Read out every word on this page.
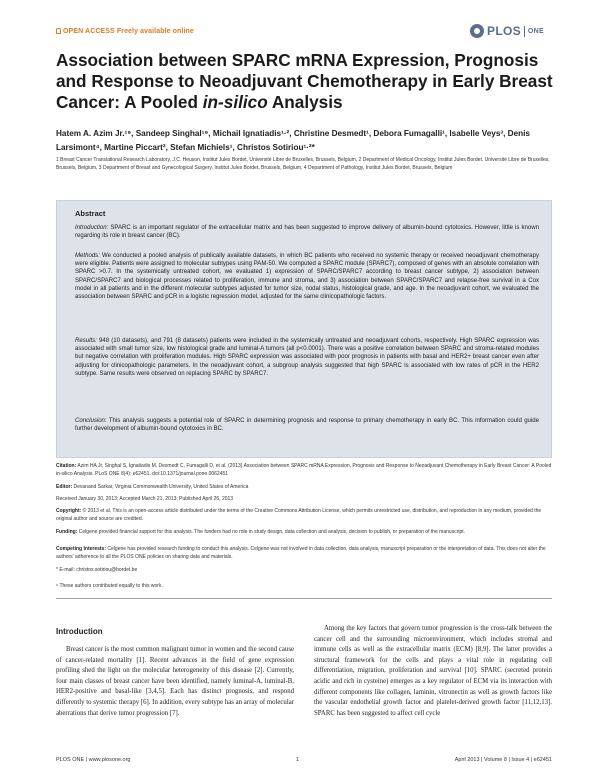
OPEN ACCESS Freely available online	PLOS ONE
Association between SPARC mRNA Expression, Prognosis and Response to Neoadjuvant Chemotherapy in Early Breast Cancer: A Pooled in-silico Analysis
Hatem A. Azim Jr.¹⁹, Sandeep Singhal¹⁹, Michail Ignatiadis¹·², Christine Desmedt¹, Debora Fumagalli¹, Isabelle Veys³, Denis Larsimont⁴, Martine Piccart², Stefan Michiels¹, Christos Sotiriou¹·²*
1 Breast Cancer Translational Research Laboratory, J.C. Heuson, Institut Jules Bordet, Université Libre de Bruxelles, Brussels, Belgium, 2 Department of Medical Oncology, Institut Jules Bordet, Université Libre de Bruxelles, Brussels, Belgium, 3 Department of Breast and Gynecological Surgery, Institut Jules Bordet, Brussels, Belgium, 4 Department of Pathology, Institut Jules Bordet, Brussels, Belgium
Abstract

Introduction: SPARC is an important regulator of the extracellular matrix and has been suggested to improve delivery of albumin-bound cytotoxics. However, little is known regarding its role in breast cancer (BC).

Methods: We conducted a pooled analysis of publically available datasets, in which BC patients who received no systemic therapy or received neoadjuvant chemotherapy were eligible. Patients were assigned to molecular subtypes using PAM-50. We computed a SPARC module (SPARC7), composed of genes with an absolute correlation with SPARC >0.7. In the systemically untreated cohort, we evaluated 1) expression of SPARC/SPARC7 according to breast cancer subtype, 2) association between SPARC/SPARC7 and biological processes related to proliferation, immune and stroma, and 3) association between SPARC/SPARC7 and relapse-free survival in a Cox model in all patients and in the different molecular subtypes adjusted for tumor size, nodal status, histological grade, and age. In the neoadjuvant cohort, we evaluated the association between SPARC and pCR in a logistic regression model, adjusted for the same clinicopathologic factors.

Results: 948 (10 datasets), and 791 (8 datasets) patients were included in the systemically untreated and neoadjuvant cohorts, respectively. High SPARC expression was associated with small tumor size, low histological grade and luminal-A tumors (all p<0.0001). There was a positive correlation between SPARC and stroma-related modules but negative correlation with proliferation modules. High SPARC expression was associated with poor prognosis in patients with basal and HER2+ breast cancer even after adjusting for clinicopathologic parameters. In the neoadjuvant cohort, a subgroup analysis suggested that high SPARC is associated with low rates of pCR in the HER2 subtype. Same results were observed on replacing SPARC by SPARC7.

Conclusion: This analysis suggests a potential role of SPARC in determining prognosis and response to primary chemotherapy in early BC. This information could guide further development of albumin-bound cytotoxics in BC.

Citation: Azim HA Jr, Singhal S, Ignatiadis M, Desmedt C, Fumagalli D, et al. (2013) Association between SPARC mRNA Expression, Prognosis and Response to Neoadjuvant Chemotherapy in Early Breast Cancer: A Pooled in-silico Analysis. PLoS ONE 8(4): e62451. doi:10.1371/journal.pone.0062451

Editor: Devanand Sarkar, Virginia Commonwealth University, United States of America

Received January 30, 2013; Accepted March 21, 2013; Published April 26, 2013

Copyright: © 2013 et al. This is an open-access article distributed under the terms of the Creative Commons Attribution License, which permits unrestricted use, distribution, and reproduction in any medium, provided the original author and source are credited.

Funding: Celgene provided financial support for this analysis. The funders had no role in study design, data collection and analysis, decision to publish, or preparation of the manuscript.

Competing Interests: Celgene has provided research funding to conduct this analysis. Celgene was not involved in data collection, data analysis, manuscript preparation or the interpretation of data. This does not alter the authors' adherence to all the PLOS ONE policies on sharing data and materials.

* E-mail: christos.sotiriou@bordet.be

⁹ These authors contributed equally to this work.

Introduction

Breast cancer is the most common malignant tumor in women and the second cause of cancer-related mortality [1]. Recent advances in the field of gene expression profiling shed the light on the molecular heterogeneity of this disease [2]. Currently, four main classes of breast cancer have been identified, namely luminal-A, luminal-B, HER2-positive and basal-like [3,4,5]. Each has distinct prognosis, and respond differently to systemic therapy [6]. In addition, every subtype has an array of molecular aberrations that derive tumor progression [7].

Among the key factors that govern tumor progression is the cross-talk between the cancer cell and the surrounding microenvironment, which includes stromal and immune cells as well as the extracellular matrix (ECM) [8,9]. The latter provides a structural framework for the cells and plays a vital role in regulating cell differentiation, migration, proliferation and survival [10]. SPARC (secreted protein acidic and rich in cysteine) emerges as a key regulator of ECM via its interaction with different components like collagen, laminin, vitronectin as well as growth factors like the vascular endothelial growth factor and platelet-derived growth factor [11,12,13]. SPARC has been suggested to affect cell cycle

PLOS ONE | www.plosone.org	1	April 2013 | Volume 8 | Issue 4 | e62451
